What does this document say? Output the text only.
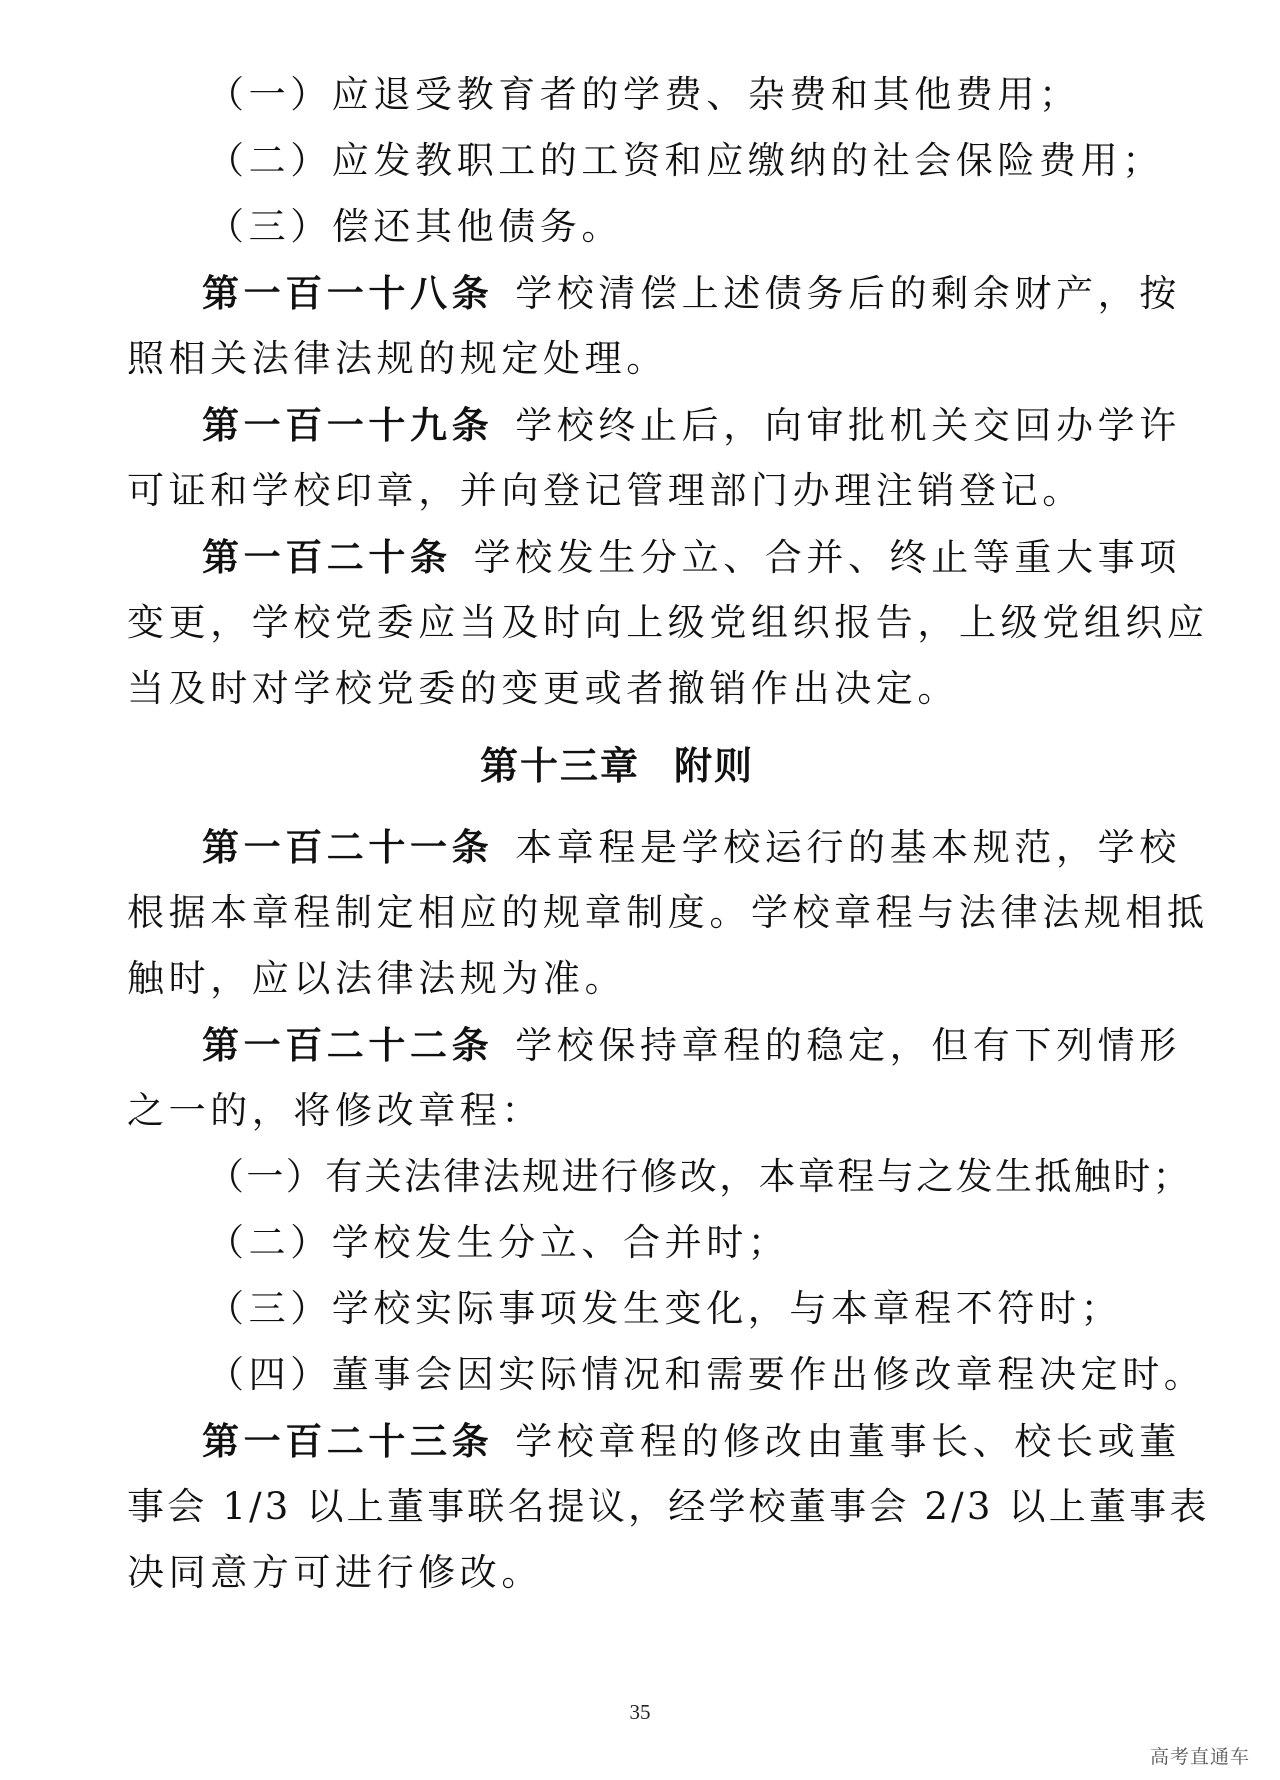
（一）应退受教育者的学费、杂费和其他费用；
（二）应发教职工的工资和应缴纳的社会保险费用；
（三）偿还其他债务。
第一百一十八条 学校清偿上述债务后的剩余财产，按
照相关法律法规的规定处理。
第一百一十九条 学校终止后，向审批机关交回办学许
可证和学校印章，并向登记管理部门办理注销登记。
第一百二十条 学校发生分立、合并、终止等重大事项
变更，学校党委应当及时向上级党组织报告，上级党组织应
当及时对学校党委的变更或者撤销作出决定。
第十三章 附则
第一百二十一条 本章程是学校运行的基本规范，学校
根据本章程制定相应的规章制度。学校章程与法律法规相抵
触时，应以法律法规为准。
第一百二十二条 学校保持章程的稳定，但有下列情形
之一的，将修改章程：
（一）有关法律法规进行修改，本章程与之发生抵触时；
（二）学校发生分立、合并时；
（三）学校实际事项发生变化，与本章程不符时；
（四）董事会因实际情况和需要作出修改章程决定时。
第一百二十三条 学校章程的修改由董事长、校长或董
事会 1/3 以上董事联名提议，经学校董事会 2/3 以上董事表
决同意方可进行修改。
35
高考直通车
